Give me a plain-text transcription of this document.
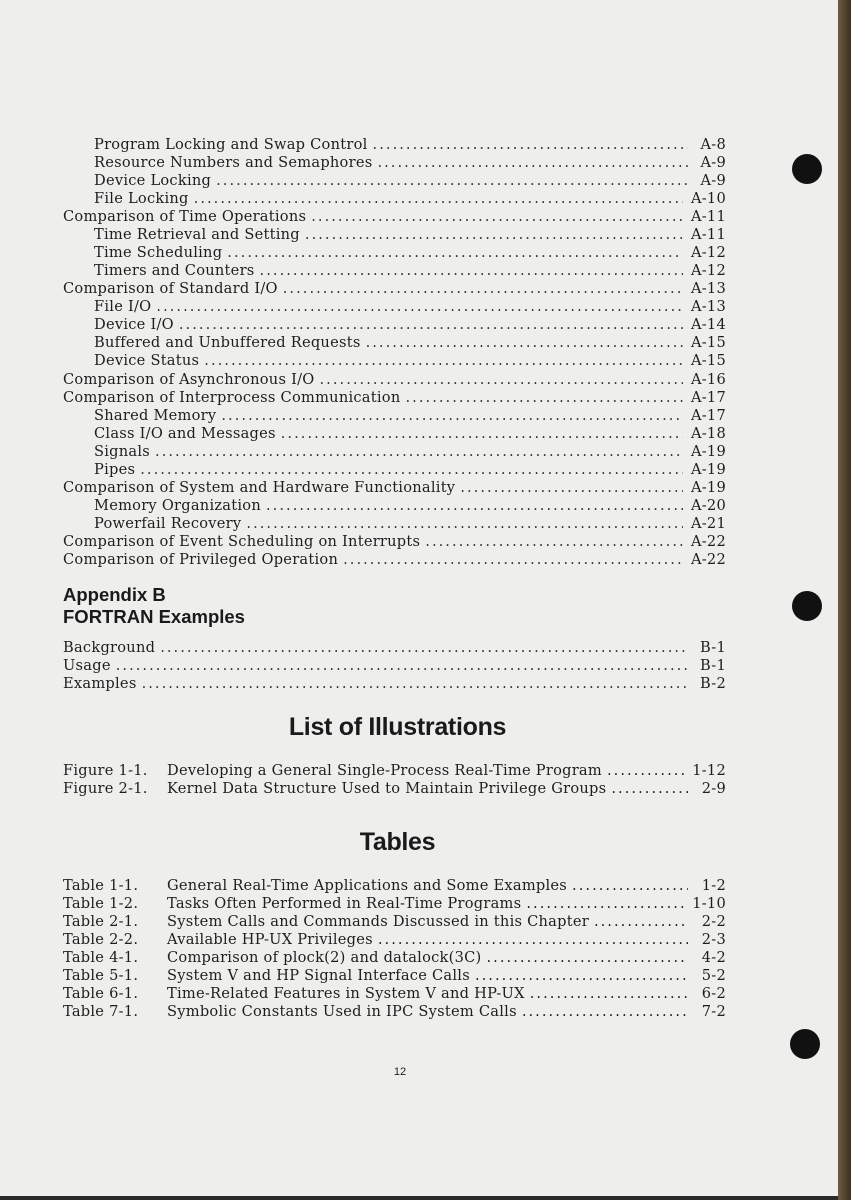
Program Locking and Swap Control . . .	A-8
Resource Numbers and Semaphores . . .	A-9
Device Locking . . .	A-9
File Locking . . .	A-10
Comparison of Time Operations . . .	A-11
Time Retrieval and Setting . . .	A-11
Time Scheduling . . .	A-12
Timers and Counters . . .	A-12
Comparison of Standard I/O . . .	A-13
File I/O . . .	A-13
Device I/O . . .	A-14
Buffered and Unbuffered Requests . . .	A-15
Device Status . . .	A-15
Comparison of Asynchronous I/O . . .	A-16
Comparison of Interprocess Communication . . .	A-17
Shared Memory . . .	A-17
Class I/O and Messages . . .	A-18
Signals . . .	A-19
Pipes . . .	A-19
Comparison of System and Hardware Functionality . . .	A-19
Memory Organization . . .	A-20
Powerfail Recovery . . .	A-21
Comparison of Event Scheduling on Interrupts . . .	A-22
Comparison of Privileged Operation . . .	A-22
Appendix B
FORTRAN Examples
Background . . .	B-1
Usage . . .	B-1
Examples . . .	B-2
List of Illustrations
Figure 1-1.	Developing a General Single-Process Real-Time Program . . .	1-12
Figure 2-1.	Kernel Data Structure Used to Maintain Privilege Groups . . .	2-9
Tables
Table 1-1.	General Real-Time Applications and Some Examples . . .	1-2
Table 1-2.	Tasks Often Performed in Real-Time Programs . . .	1-10
Table 2-1.	System Calls and Commands Discussed in this Chapter . . .	2-2
Table 2-2.	Available HP-UX Privileges . . .	2-3
Table 4-1.	Comparison of plock(2) and datalock(3C) . . .	4-2
Table 5-1.	System V and HP Signal Interface Calls . . .	5-2
Table 6-1.	Time-Related Features in System V and HP-UX . . .	6-2
Table 7-1.	Symbolic Constants Used in IPC System Calls . . .	7-2
12
